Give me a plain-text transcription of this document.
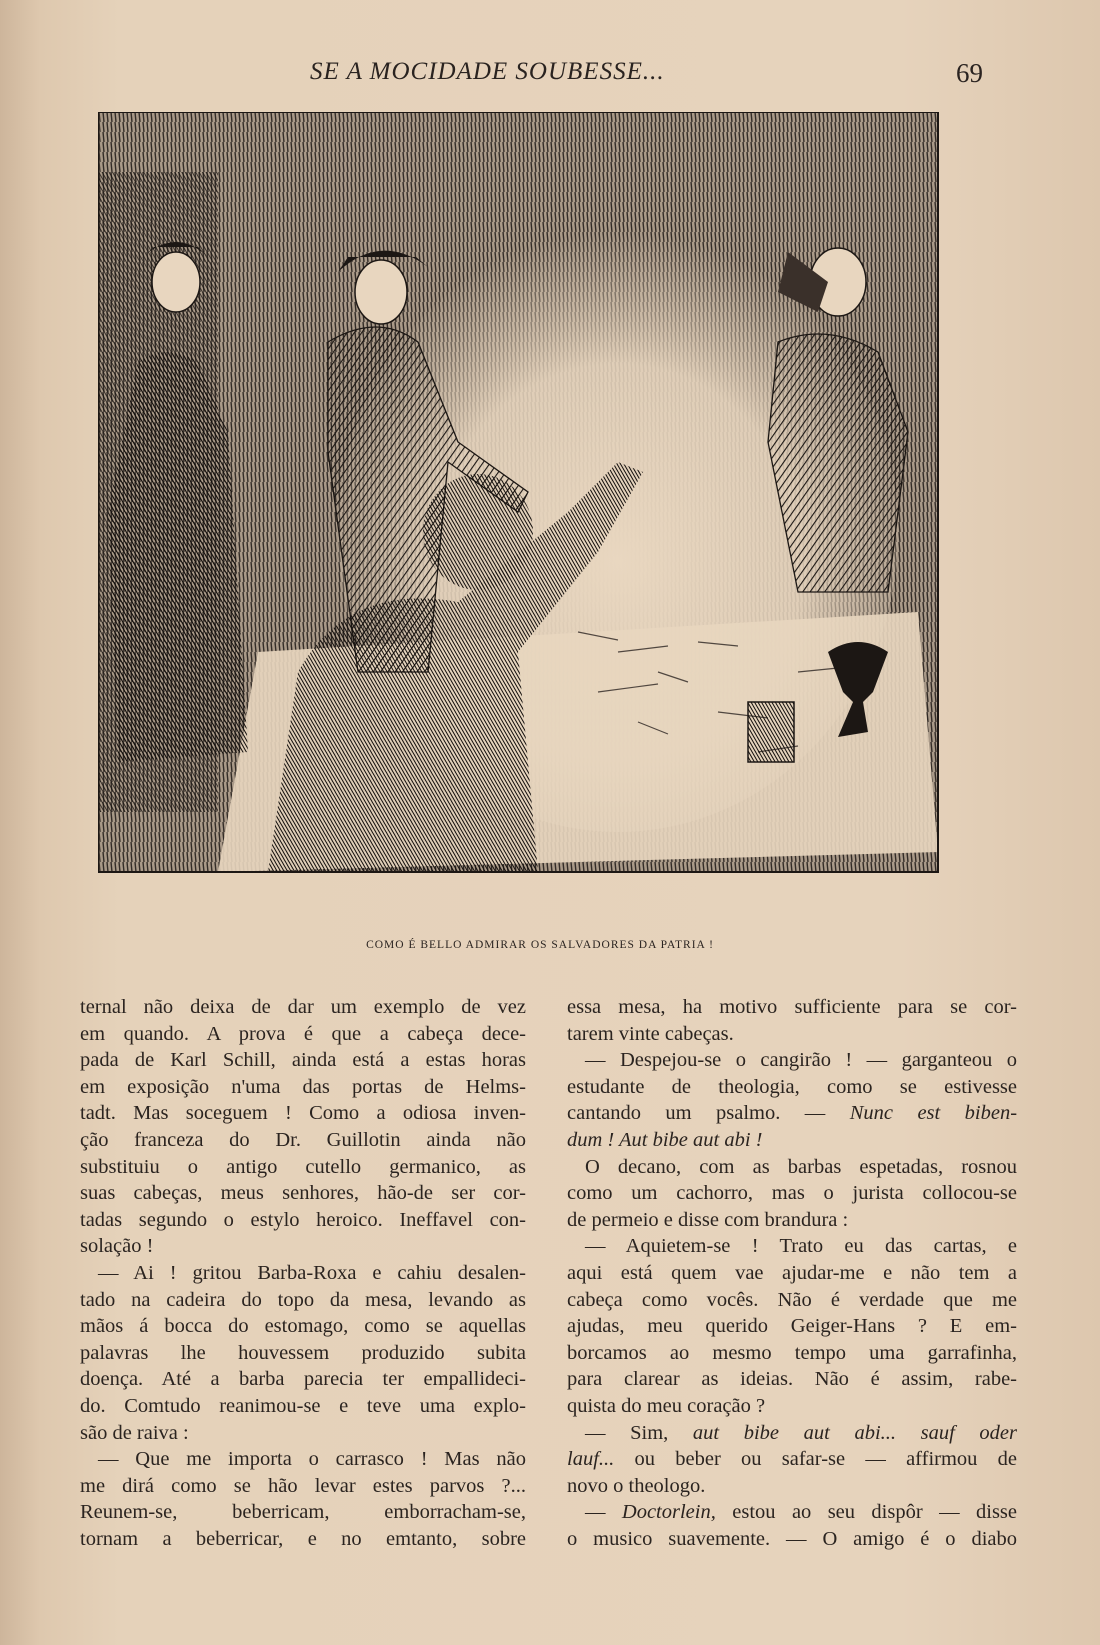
SE A MOCIDADE SOUBESSE...	69
COMO É BELLO ADMIRAR OS SALVADORES DA PATRIA !
ternal não deixa de dar um exemplo de vez
em quando. A prova é que a cabeça dece-
pada de Karl Schill, ainda está a estas horas
em exposição n'uma das portas de Helms-
tadt. Mas soceguem ! Como a odiosa inven-
ção franceza do Dr. Guillotin ainda não
substituiu o antigo cutello germanico, as
suas cabeças, meus senhores, hão-de ser cor-
tadas segundo o estylo heroico. Ineffavel con-
solação !
— Ai ! gritou Barba-Roxa e cahiu desalen-
tado na cadeira do topo da mesa, levando as
mãos á bocca do estomago, como se aquellas
palavras lhe houvessem produzido subita
doença. Até a barba parecia ter empallideci-
do. Comtudo reanimou-se e teve uma explo-
são de raiva :
— Que me importa o carrasco ! Mas não
me dirá como se hão levar estes parvos ?...
Reunem-se, beberricam, emborracham-se,
tornam a beberricar, e no emtanto, sobre
essa mesa, ha motivo sufficiente para se cor-
tarem vinte cabeças.
— Despejou-se o cangirão ! — garganteou o
estudante de theologia, como se estivesse
cantando um psalmo. — Nunc est biben-
dum ! Aut bibe aut abi !
O decano, com as barbas espetadas, rosnou
como um cachorro, mas o jurista collocou-se
de permeio e disse com brandura :
— Aquietem-se ! Trato eu das cartas, e
aqui está quem vae ajudar-me e não tem a
cabeça como vocês. Não é verdade que me
ajudas, meu querido Geiger-Hans ? E em-
borcamos ao mesmo tempo uma garrafinha,
para clarear as ideias. Não é assim, rabe-
quista do meu coração ?
— Sim, aut bibe aut abi... sauf oder
lauf... ou beber ou safar-se — affirmou de
novo o theologo.
— Doctorlein, estou ao seu dispôr — disse
o musico suavemente. — O amigo é o diabo
